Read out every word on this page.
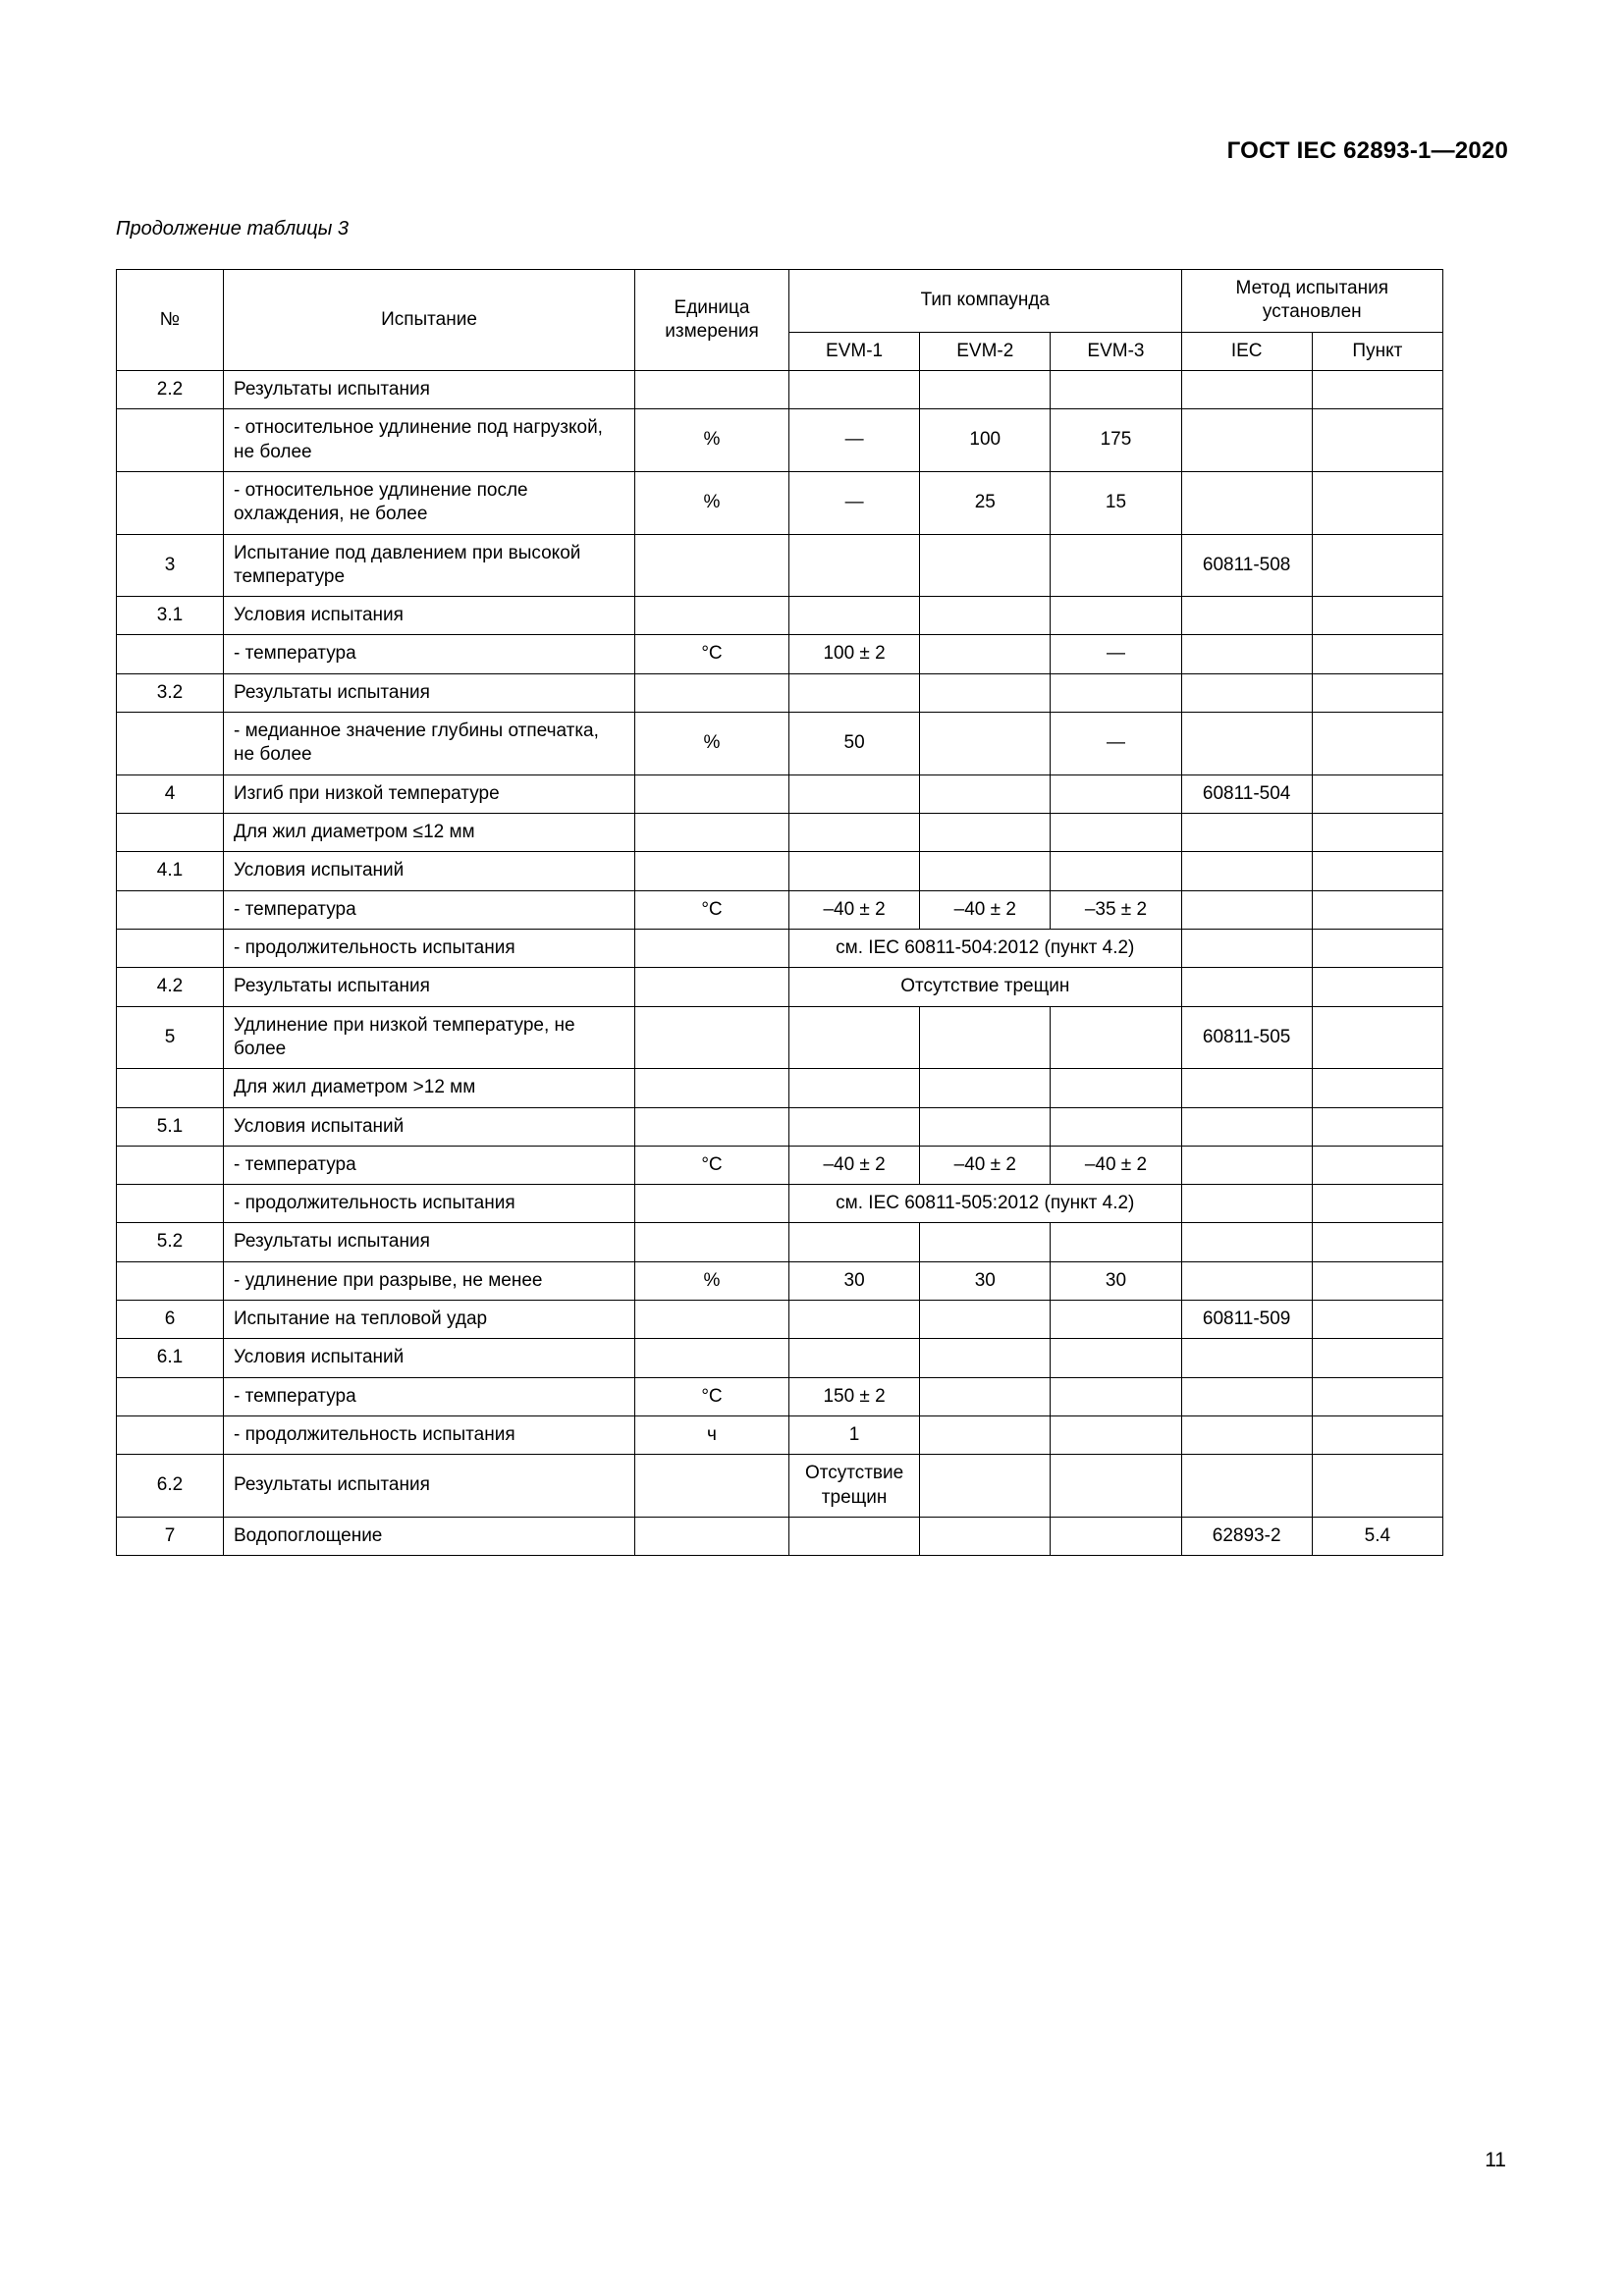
ГОСТ IEC 62893-1—2020
Продолжение таблицы 3
№	Испытание	Единица измерения	Тип компаунда			Метод испытания установлен	
			EVM-1	EVM-2	EVM-3	IEC	Пункт
2.2	Результаты испытания						
	- относительное удлинение под нагрузкой, не более	%	—	100	175		
	- относительное удлинение после охлаждения, не более	%	—	25	15		
3	Испытание под давлением при высокой температуре					60811-508	
3.1	Условия испытания						
	- температура	°C	100 ± 2		—		
3.2	Результаты испытания						
	- медианное значение глубины отпечатка, не более	%	50		—		
4	Изгиб при низкой температуре					60811-504	
	Для жил диаметром ≤12 мм						
4.1	Условия испытаний						
	- температура	°C	–40 ± 2	–40 ± 2	–35 ± 2		
	- продолжительность испытания		см. IEC 60811-504:2012 (пункт 4.2)				
4.2	Результаты испытания		Отсутствие трещин				
5	Удлинение при низкой температуре, не более					60811-505	
	Для жил диаметром >12 мм						
5.1	Условия испытаний						
	- температура	°C	–40 ± 2	–40 ± 2	–40 ± 2		
	- продолжительность испытания		см. IEC 60811-505:2012 (пункт 4.2)				
5.2	Результаты испытания						
	- удлинение при разрыве, не менее	%	30	30	30		
6	Испытание на тепловой удар					60811-509	
6.1	Условия испытаний						
	- температура	°C	150 ± 2				
	- продолжительность испытания	ч	1				
6.2	Результаты испытания		Отсутствие трещин				
7	Водопоглощение					62893-2	5.4
11
